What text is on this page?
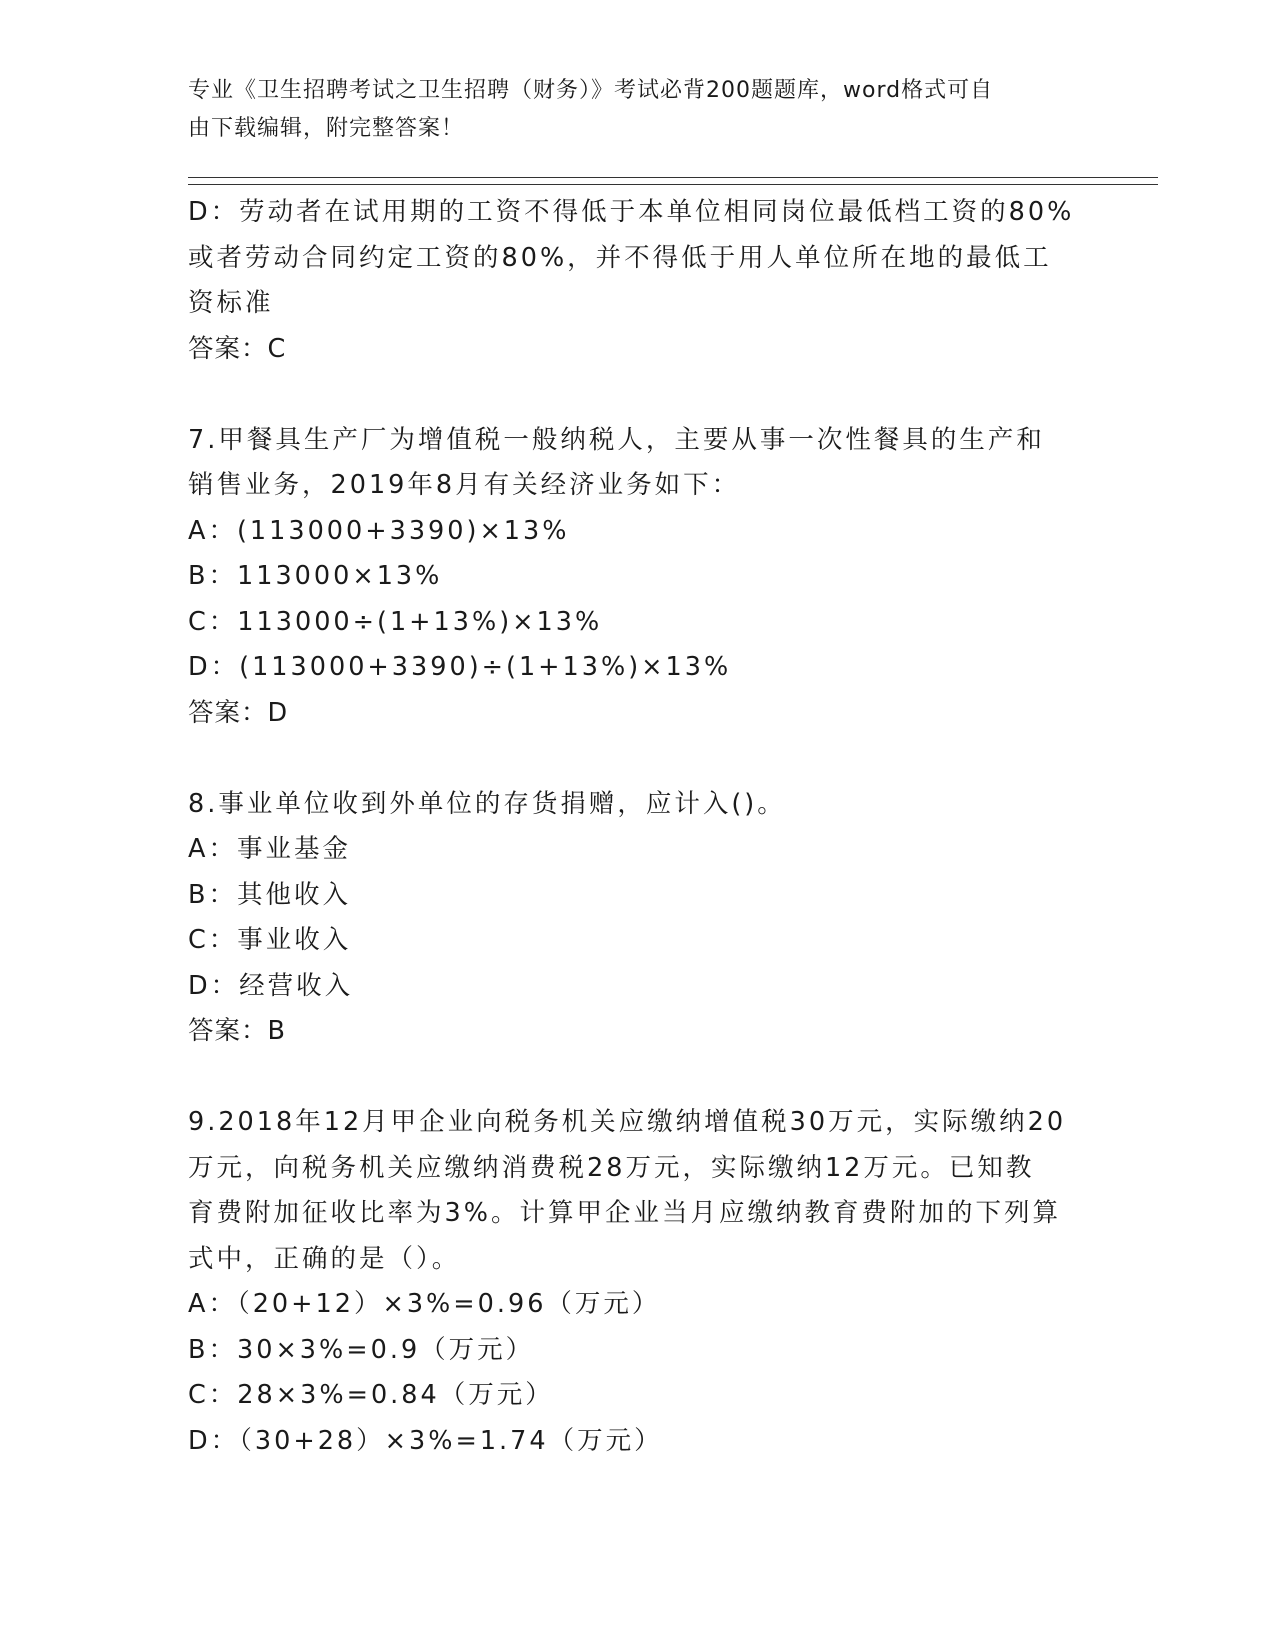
专业《卫生招聘考试之卫生招聘（财务）》考试必背200题题库，word格式可自
由下载编辑，附完整答案！
D：劳动者在试用期的工资不得低于本单位相同岗位最低档工资的80%
或者劳动合同约定工资的80%，并不得低于用人单位所在地的最低工
资标准
答案：C
7.甲餐具生产厂为增值税一般纳税人，主要从事一次性餐具的生产和
销售业务，2019年8月有关经济业务如下：
A：(113000+3390)×13%
B：113000×13%
C：113000÷(1+13%)×13%
D：(113000+3390)÷(1+13%)×13%
答案：D
8.事业单位收到外单位的存货捐赠，应计入()。
A：事业基金
B：其他收入
C：事业收入
D：经营收入
答案：B
9.2018年12月甲企业向税务机关应缴纳增值税30万元，实际缴纳20
万元，向税务机关应缴纳消费税28万元，实际缴纳12万元。已知教
育费附加征收比率为3%。计算甲企业当月应缴纳教育费附加的下列算
式中，正确的是（）。
A：（20+12）×3%=0.96（万元）
B：30×3%=0.9（万元）
C：28×3%=0.84（万元）
D：（30+28）×3%=1.74（万元）
